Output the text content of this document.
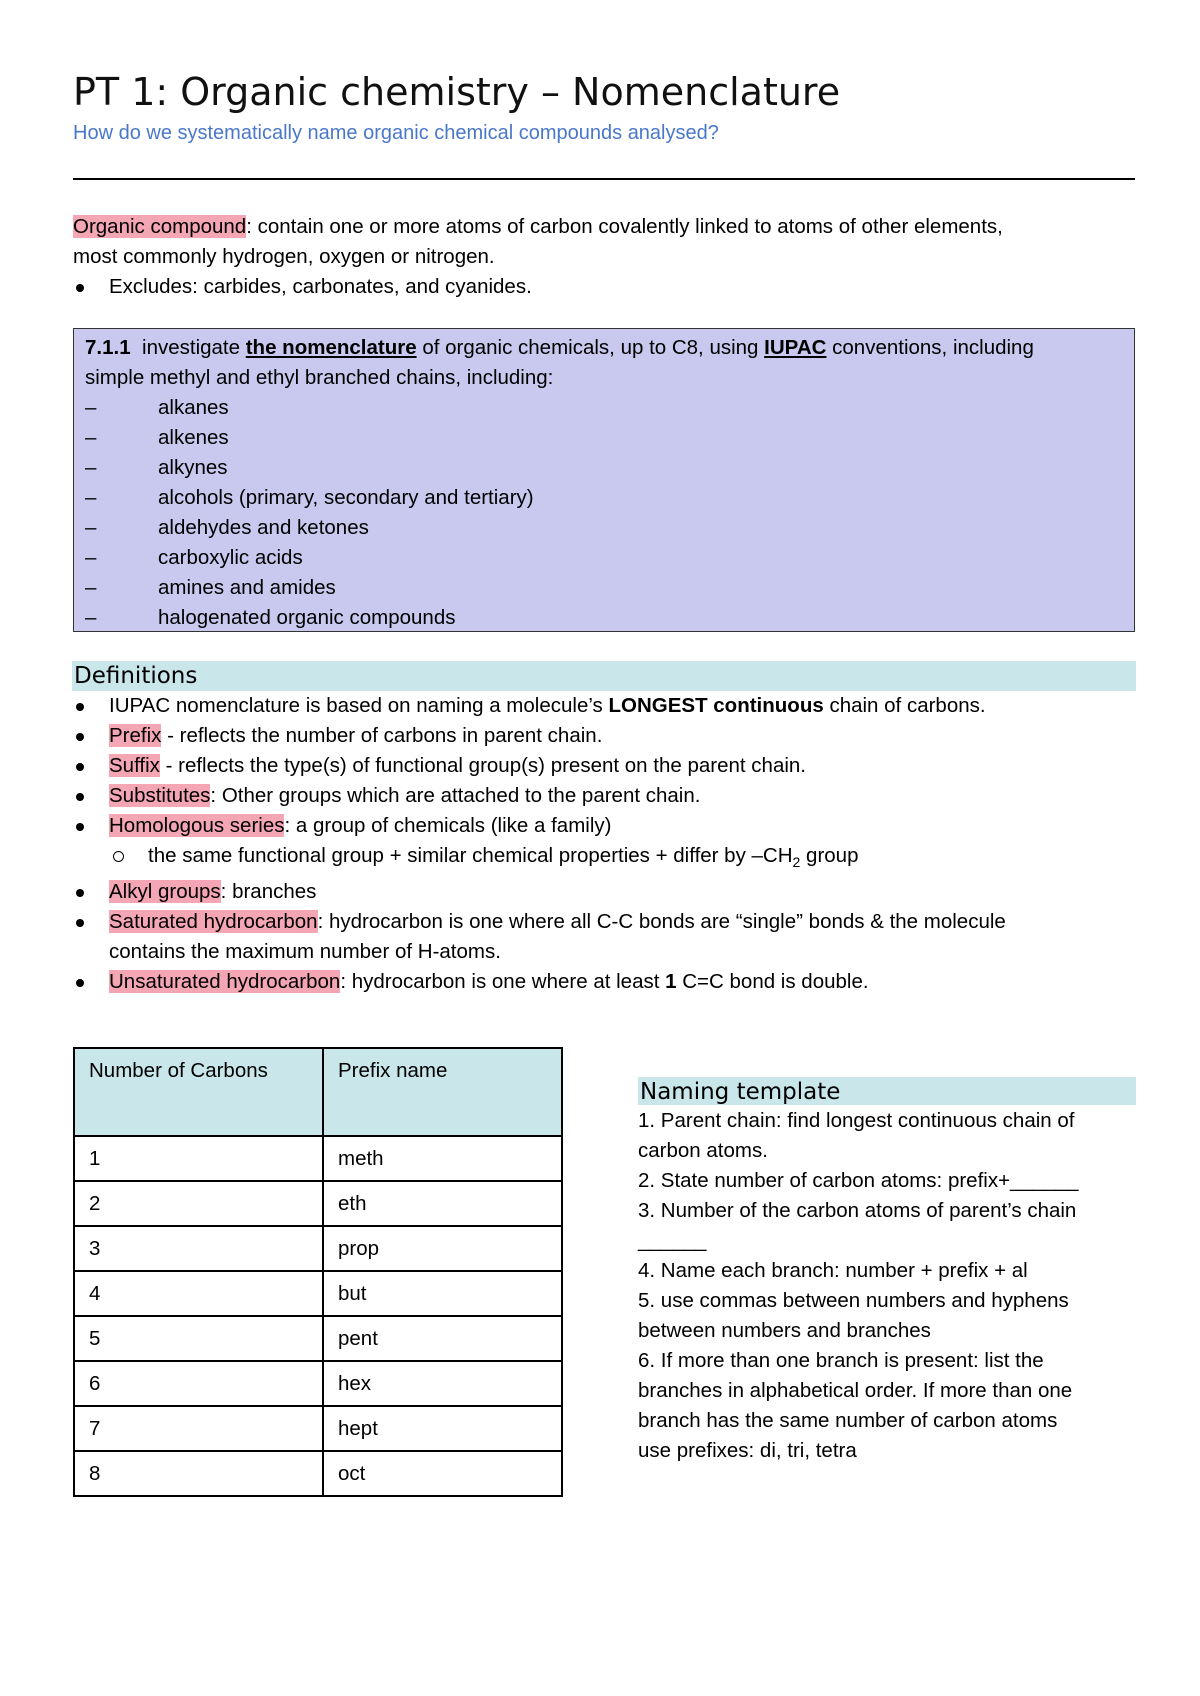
PT 1: Organic chemistry – Nomenclature
How do we systematically name organic chemical compounds analysed?
Organic compound: contain one or more atoms of carbon covalently linked to atoms of other elements,
most commonly hydrogen, oxygen or nitrogen.
Excludes: carbides, carbonates, and cyanides.
7.1.1 investigate the nomenclature of organic chemicals, up to C8, using IUPAC conventions, including
simple methyl and ethyl branched chains, including:
–	alkanes
–	alkenes
–	alkynes
–	alcohols (primary, secondary and tertiary)
–	aldehydes and ketones
–	carboxylic acids
–	amines and amides
–	halogenated organic compounds
Definitions
IUPAC nomenclature is based on naming a molecule’s LONGEST continuous chain of carbons.
Prefix - reflects the number of carbons in parent chain.
Suffix - reflects the type(s) of functional group(s) present on the parent chain.
Substitutes: Other groups which are attached to the parent chain.
Homologous series: a group of chemicals (like a family)
the same functional group + similar chemical properties + differ by $-CH_2$ group
Alkyl groups: branches
Saturated hydrocarbon: hydrocarbon is one where all C-C bonds are “single” bonds & the molecule
contains the maximum number of H-atoms.
Unsaturated hydrocarbon: hydrocarbon is one where at least 1 C=C bond is double.
Number of Carbons	Prefix name
1	meth
2	eth
3	prop
4	but
5	pent
6	hex
7	hept
8	oct
Naming template
1. Parent chain: find longest continuous chain of
carbon atoms.
2. State number of carbon atoms: prefix+______
3. Number of the carbon atoms of parent’s chain
______
4. Name each branch: number + prefix + al
5. use commas between numbers and hyphens
between numbers and branches
6. If more than one branch is present: list the
branches in alphabetical order. If more than one
branch has the same number of carbon atoms
use prefixes: di, tri, tetra
